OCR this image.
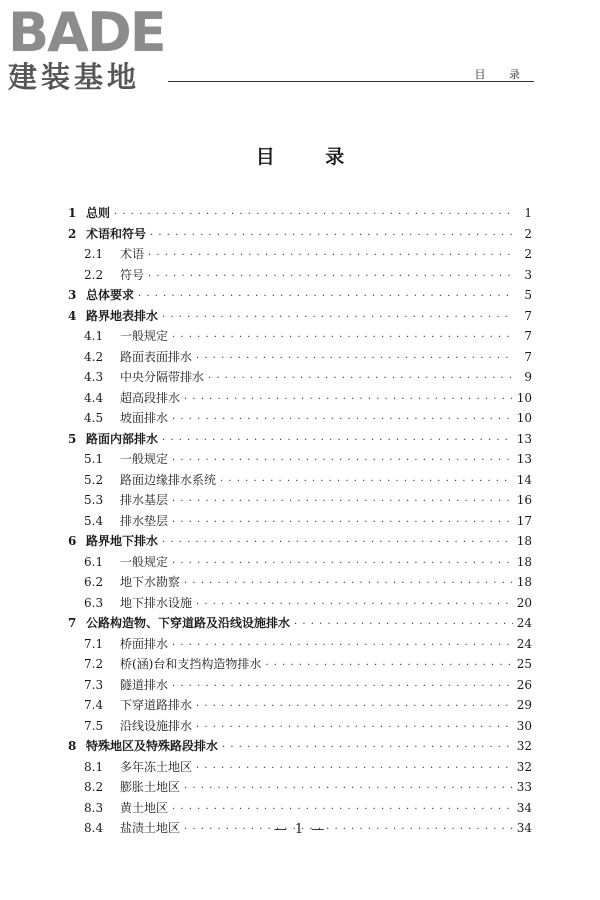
BADE
建装基地	目 录
目 录
1 总则 · · ·	1
2 术语和符号 · · ·	2
2.1	术语 · · ·	2
2.2	符号 · · ·	3
3 总体要求 · · ·	5
4 路界地表排水 · · ·	7
4.1	一般规定 · · ·	7
4.2	路面表面排水 · · ·	7
4.3	中央分隔带排水 · · ·	9
4.4	超高段排水 · · ·	10
4.5	坡面排水 · · ·	10
5 路面内部排水 · · ·	13
5.1	一般规定 · · ·	13
5.2	路面边缘排水系统 · · ·	14
5.3	排水基层 · · ·	16
5.4	排水垫层 · · ·	17
6 路界地下排水 · · ·	18
6.1	一般规定 · · ·	18
6.2	地下水勘察 · · ·	18
6.3	地下排水设施 · · ·	20
7 公路构造物、下穿道路及沿线设施排水 · · ·	24
7.1	桥面排水 · · ·	24
7.2	桥(涵)台和支挡构造物排水 · · ·	25
7.3	隧道排水 · · ·	26
7.4	下穿道路排水 · · ·	29
7.5	沿线设施排水 · · ·	30
8 特殊地区及特殊路段排水 · · ·	32
8.1	多年冻土地区 · · ·	32
8.2	膨胀土地区 · · ·	33
8.3	黄土地区 · · ·	34
8.4	盐渍土地区 · · ·	34
— 1 —
